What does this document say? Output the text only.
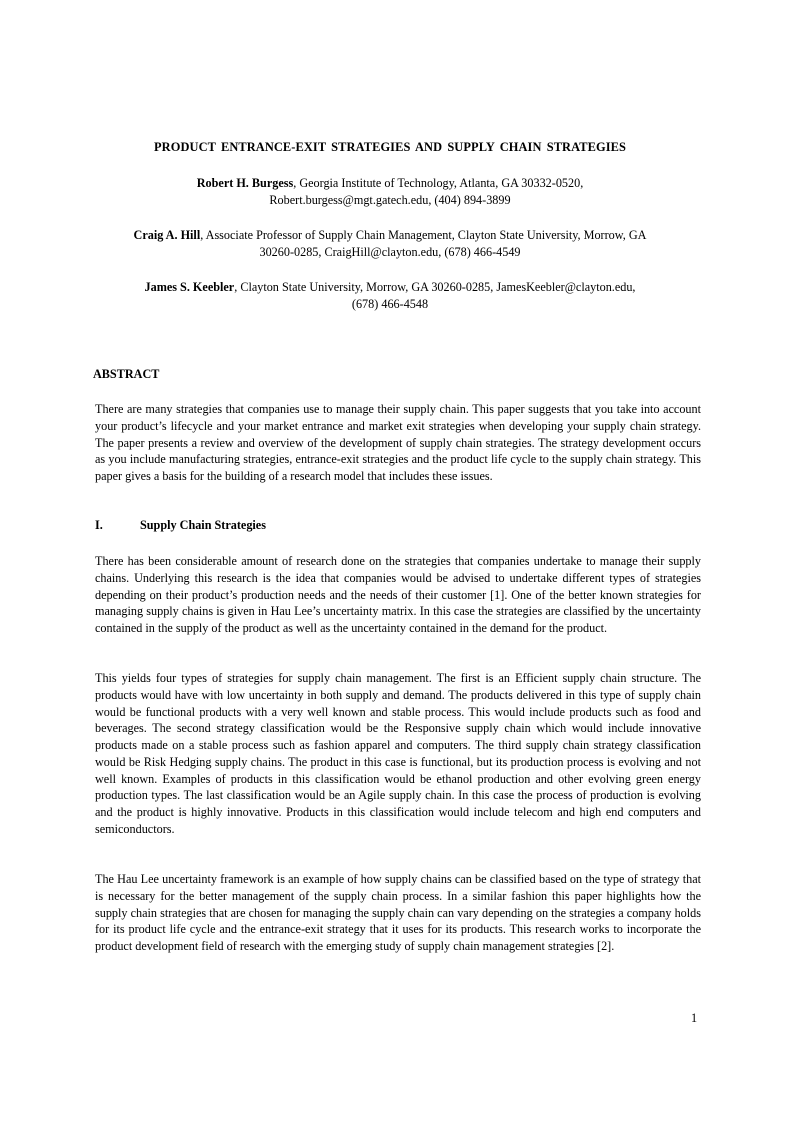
PRODUCT ENTRANCE-EXIT STRATEGIES AND SUPPLY CHAIN STRATEGIES
Robert H. Burgess, Georgia Institute of Technology, Atlanta, GA 30332-0520,
Robert.burgess@mgt.gatech.edu, (404) 894-3899
Craig A. Hill, Associate Professor of Supply Chain Management, Clayton State University, Morrow, GA
30260-0285, CraigHill@clayton.edu, (678) 466-4549
James S. Keebler, Clayton State University, Morrow, GA 30260-0285, JamesKeebler@clayton.edu,
(678) 466-4548
ABSTRACT
There are many strategies that companies use to manage their supply chain. This paper suggests that you take into account your product’s lifecycle and your market entrance and market exit strategies when developing your supply chain strategy. The paper presents a review and overview of the development of supply chain strategies. The strategy development occurs as you include manufacturing strategies, entrance-exit strategies and the product life cycle to the supply chain strategy. This paper gives a basis for the building of a research model that includes these issues.
I.	Supply Chain Strategies
There has been considerable amount of research done on the strategies that companies undertake to manage their supply chains. Underlying this research is the idea that companies would be advised to undertake different types of strategies depending on their product’s production needs and the needs of their customer [1]. One of the better known strategies for managing supply chains is given in Hau Lee’s uncertainty matrix. In this case the strategies are classified by the uncertainty contained in the supply of the product as well as the uncertainty contained in the demand for the product.
This yields four types of strategies for supply chain management. The first is an Efficient supply chain structure. The products would have with low uncertainty in both supply and demand. The products delivered in this type of supply chain would be functional products with a very well known and stable process. This would include products such as food and beverages. The second strategy classification would be the Responsive supply chain which would include innovative products made on a stable process such as fashion apparel and computers. The third supply chain strategy classification would be Risk Hedging supply chains. The product in this case is functional, but its production process is evolving and not well known. Examples of products in this classification would be ethanol production and other evolving green energy production types. The last classification would be an Agile supply chain. In this case the process of production is evolving and the product is highly innovative. Products in this classification would include telecom and high end computers and semiconductors.
The Hau Lee uncertainty framework is an example of how supply chains can be classified based on the type of strategy that is necessary for the better management of the supply chain process. In a similar fashion this paper highlights how the supply chain strategies that are chosen for managing the supply chain can vary depending on the strategies a company holds for its product life cycle and the entrance-exit strategy that it uses for its products. This research works to incorporate the product development field of research with the emerging study of supply chain management strategies [2].
1
